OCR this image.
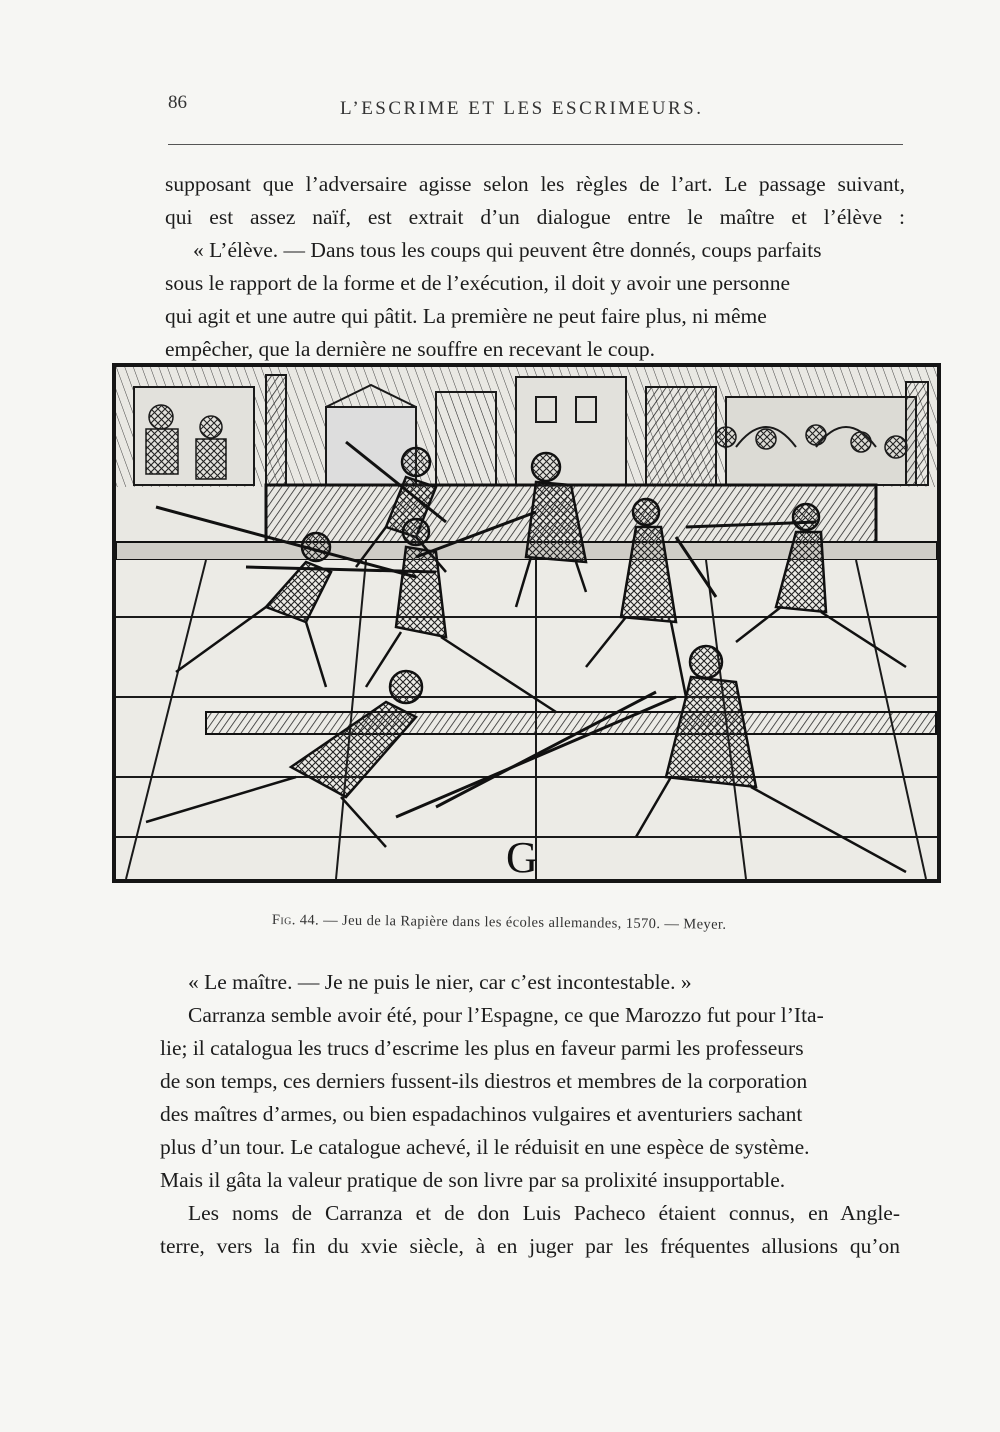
86	L’ESCRIME ET LES ESCRIMEURS.

supposant que l’adversaire agisse selon les règles de l’art. Le passage suivant,
qui est assez naïf, est extrait d’un dialogue entre le maître et l’élève :

« L’élève. — Dans tous les coups qui peuvent être donnés, coups parfaits
sous le rapport de la forme et de l’exécution, il doit y avoir une personne
qui agit et une autre qui pâtit. La première ne peut faire plus, ni même
empêcher, que la dernière ne souffre en recevant le coup.

G
Fig. 44. — Jeu de la Rapière dans les écoles allemandes, 1570. — Meyer.

« Le maître. — Je ne puis le nier, car c’est incontestable. »

Carranza semble avoir été, pour l’Espagne, ce que Marozzo fut pour l’Ita-
lie; il catalogua les trucs d’escrime les plus en faveur parmi les professeurs
de son temps, ces derniers fussent-ils diestros et membres de la corporation
des maîtres d’armes, ou bien espadachinos vulgaires et aventuriers sachant
plus d’un tour. Le catalogue achevé, il le réduisit en une espèce de système.
Mais il gâta la valeur pratique de son livre par sa prolixité insupportable.

Les noms de Carranza et de don Luis Pacheco étaient connus, en Angle-
terre, vers la fin du xvie siècle, à en juger par les fréquentes allusions qu’on
